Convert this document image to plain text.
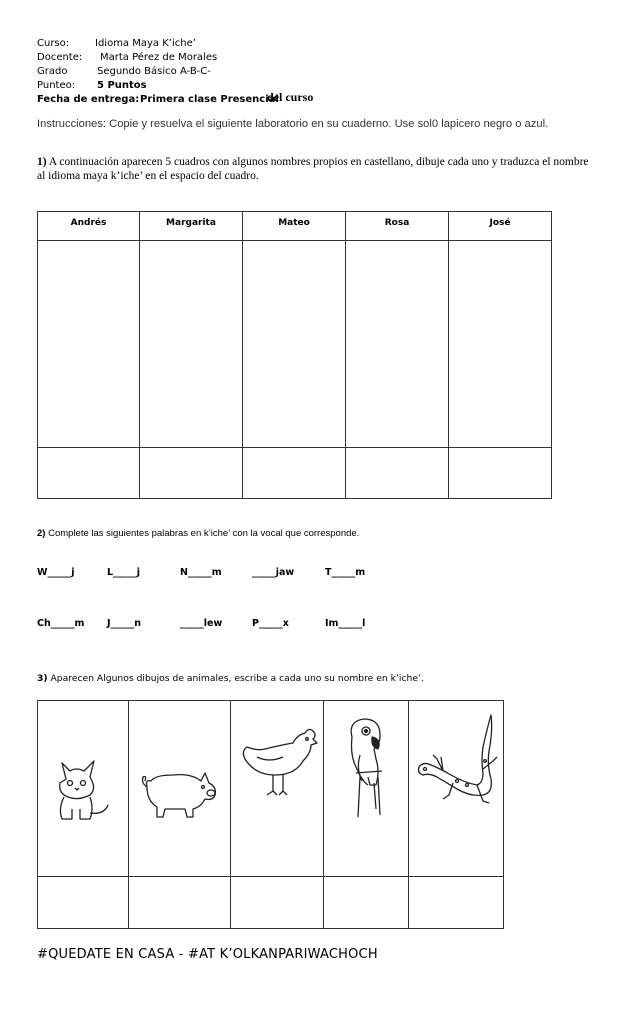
Curso:	Idioma Maya K’iche’
Docente: Marta Pérez de Morales
Grado	Segundo Básico A-B-C-
Punteo: 5 Puntos
Fecha de entrega: Primera clase Presencial
del curso
Instrucciones: Copie y resuelva el siguiente laboratorio en su cuaderno. Use sol0 lapicero negro o azul.
1) A continuación aparecen 5 cuadros con algunos nombres propios en castellano, dibuje cada uno y traduzca el nombre al idioma maya k’iche’ en el espacio del cuadro.
Andrés	Margarita	Mateo	Rosa	José
2) Complete las siguientes palabras en k’iche’ con la vocal que corresponde.
W_____j	L_____j	N_____m	_____jaw	T_____m
Ch_____m J_____n	_____lew	P_____x	Im_____l
3) Aparecen Algunos dibujos de animales, escribe a cada uno su nombre en k’iche’.
#QUEDATE EN CASA - #AT K’OLKANPARIWACHOCH
